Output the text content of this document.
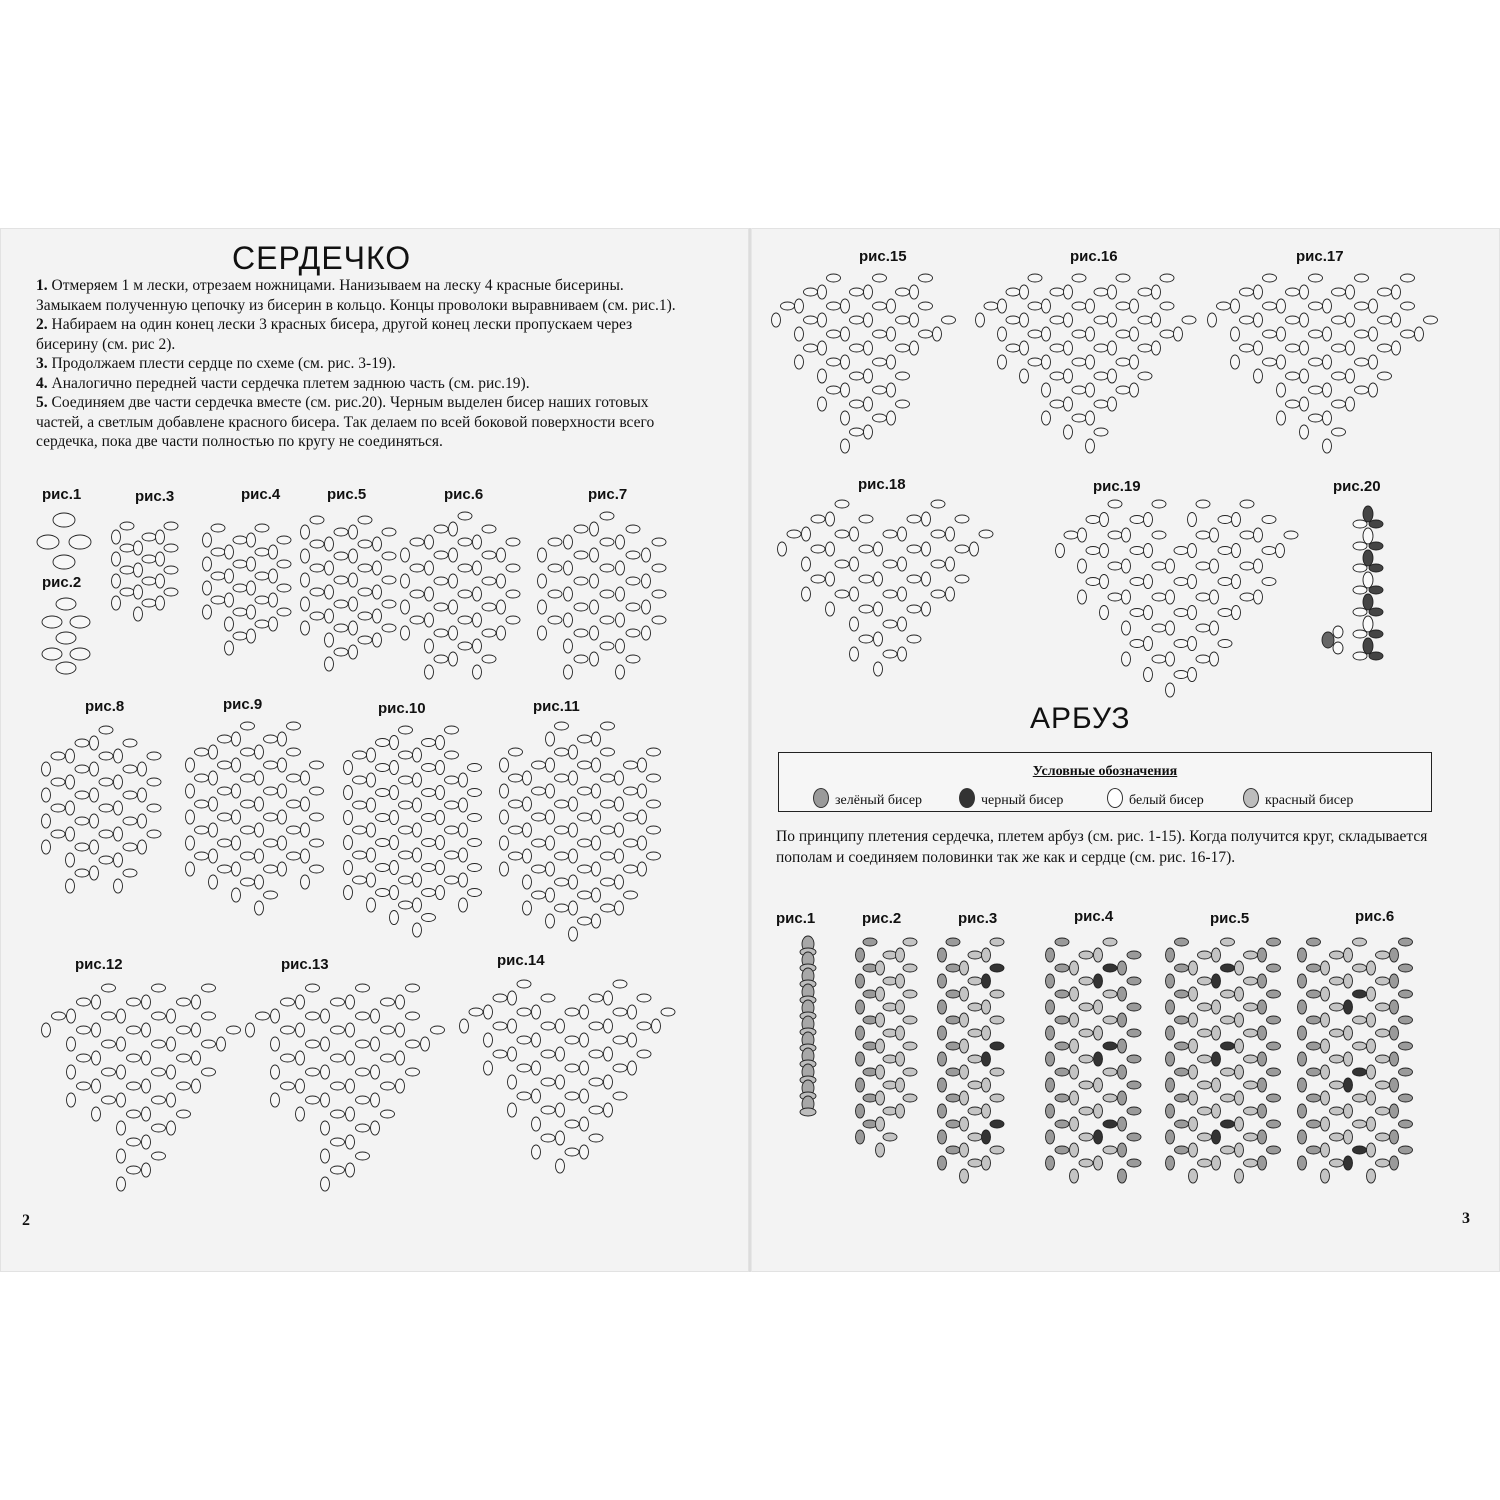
СЕРДЕЧКО

1. Отмеряем 1 м лески, отрезаем ножницами. Нанизываем на леску 4 красные бисерины. Замыкаем полученную цепочку из бисерин в кольцо. Концы проволоки выравниваем (см. рис.1).

2. Набираем на один конец лески 3 красных бисера, другой конец лески пропускаем через бисерину (см. рис 2).

3. Продолжаем плести сердце по схеме (см. рис. 3-19).

4. Аналогично передней части сердечка плетем заднюю часть (см. рис.19).

5. Соединяем две части сердечка вместе (см. рис.20). Черным выделен бисер наших готовых частей, а светлым добавлене красного бисера. Так делаем по всей боковой поверхности всего сердечка, пока две части полностью по кругу не соединяться.

рис.1
рис.2
рис.3	рис.4	рис.5	рис.6	рис.7
рис.8	рис.9	рис.10	рис.11
рис.12	рис.13	рис.14
2
рис.15	рис.16	рис.17
рис.18	рис.19	рис.20
АРБУЗ
Условные обозначения
зелёный бисер	черный бисер	белый бисер	красный бисер
По принципу плетения сердечка, плетем арбуз (см. рис. 1-15). Когда получится круг, складывается пополам и соединяем половинки так же как и сердце (см. рис. 16-17).
рис.1	рис.2	рис.3	рис.4	рис.5	рис.6
3
